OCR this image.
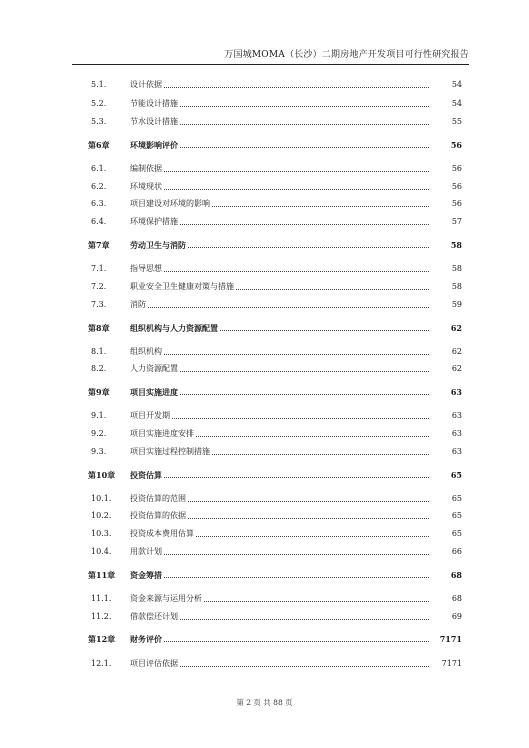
万国城MOMA（长沙）二期房地产开发项目可行性研究报告
5.1.	设计依据	54
5.2.	节能设计措施	54
5.3.	节水设计措施	55
第6章	环境影响评价	56
6.1.	编制依据	56
6.2.	环境现状	56
6.3.	项目建设对环境的影响	56
6.4.	环境保护措施	57
第7章	劳动卫生与消防	58
7.1.	指导思想	58
7.2.	职业安全卫生健康对策与措施	58
7.3.	消防	59
第8章	组织机构与人力资源配置	62
8.1.	组织机构	62
8.2.	人力资源配置	62
第9章	项目实施进度	63
9.1.	项目开发期	63
9.2.	项目实施进度安排	63
9.3.	项目实施过程控制措施	63
第10章	投资估算	65
10.1.	投资估算的范围	65
10.2.	投资估算的依据	65
10.3.	投资成本费用估算	65
10.4.	用款计划	66
第11章	资金筹措	68
11.1.	资金来源与运用分析	68
11.2.	借款偿还计划	69
第12章	财务评价	7171
12.1.	项目评估依据	7171
第 2 页 共 88 页
